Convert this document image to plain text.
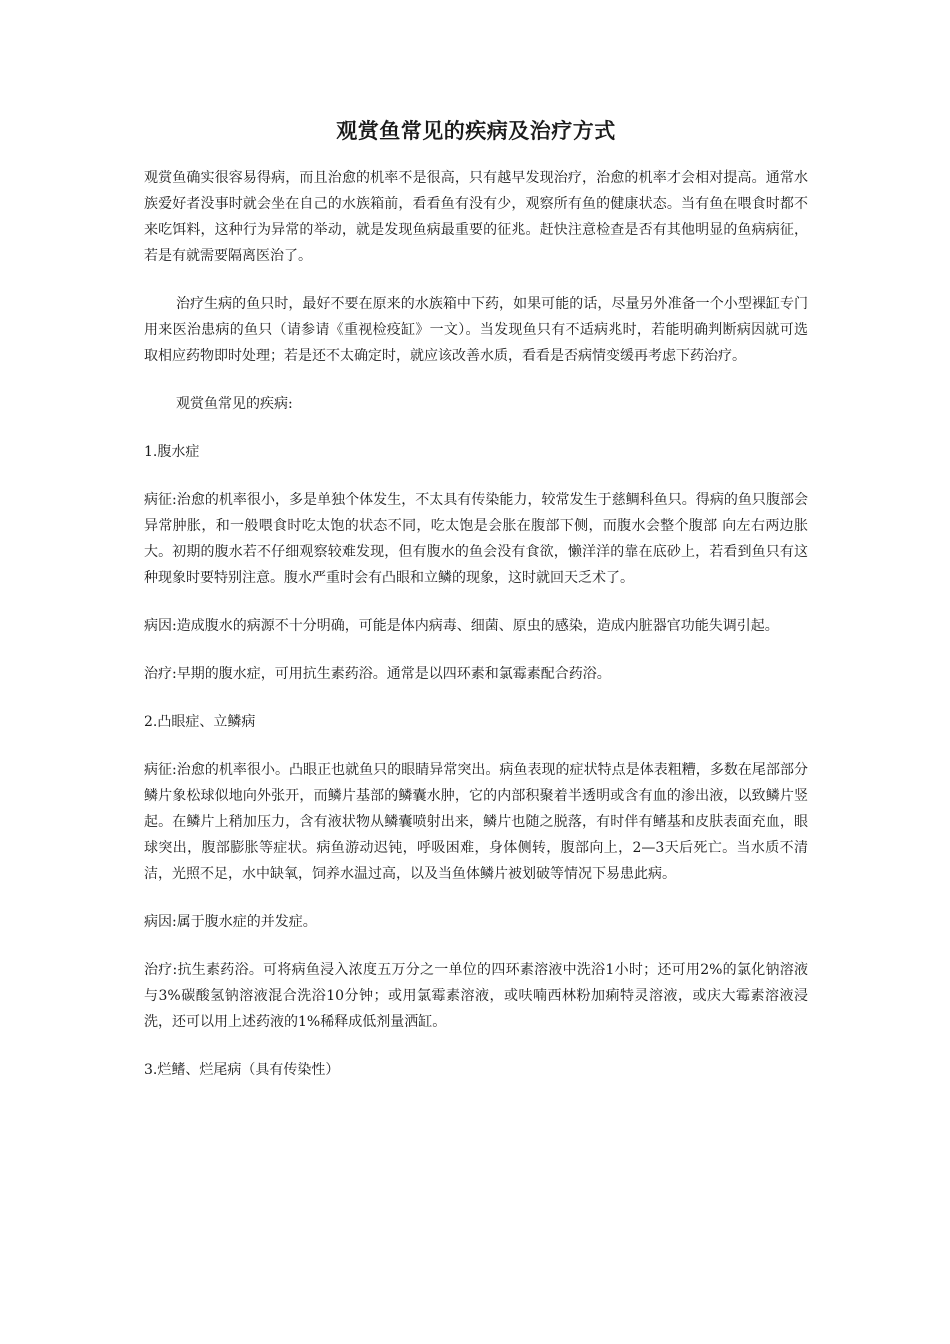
观赏鱼常见的疾病及治疗方式

观赏鱼确实很容易得病，而且治愈的机率不是很高，只有越早发现治疗，治愈的机率才会相对提高。通常水族爱好者没事时就会坐在自己的水族箱前，看看鱼有没有少，观察所有鱼的健康状态。当有鱼在喂食时都不来吃饵料，这种行为异常的举动，就是发现鱼病最重要的征兆。赶快注意检查是否有其他明显的鱼病病征，若是有就需要隔离医治了。

治疗生病的鱼只时，最好不要在原来的水族箱中下药，如果可能的话，尽量另外准备一个小型裸缸专门用来医治患病的鱼只（请参请《重视检疫缸》一文）。当发现鱼只有不适病兆时，若能明确判断病因就可选取相应药物即时处理；若是还不太确定时，就应该改善水质，看看是否病情变缓再考虑下药治疗。

观赏鱼常见的疾病:

1.腹水症

病征:治愈的机率很小，多是单独个体发生，不太具有传染能力，较常发生于慈鲷科鱼只。得病的鱼只腹部会异常肿胀，和一般喂食时吃太饱的状态不同，吃太饱是会胀在腹部下侧，而腹水会整个腹部 向左右两边胀大。初期的腹水若不仔细观察较难发现，但有腹水的鱼会没有食欲，懒洋洋的靠在底砂上，若看到鱼只有这种现象时要特别注意。腹水严重时会有凸眼和立鳞的现象，这时就回天乏术了。

病因:造成腹水的病源不十分明确，可能是体内病毒、细菌、原虫的感染，造成内脏器官功能失调引起。

治疗:早期的腹水症，可用抗生素药浴。通常是以四环素和氯霉素配合药浴。

2.凸眼症、立鳞病

病征:治愈的机率很小。凸眼正也就鱼只的眼睛异常突出。病鱼表现的症状特点是体表粗糟，多数在尾部部分鳞片象松球似地向外张开，而鳞片基部的鳞囊水肿，它的内部积聚着半透明或含有血的渗出液，以致鳞片竖起。在鳞片上稍加压力，含有液状物从鳞囊喷射出来，鳞片也随之脱落，有时伴有鳍基和皮肤表面充血，眼球突出，腹部膨胀等症状。病鱼游动迟钝，呼吸困难，身体侧转，腹部向上，2—3天后死亡。当水质不清洁，光照不足，水中缺氧，饲养水温过高，以及当鱼体鳞片被划破等情况下易患此病。

病因:属于腹水症的并发症。

治疗:抗生素药浴。可将病鱼浸入浓度五万分之一单位的四环素溶液中洗浴1小时；还可用2%的氯化钠溶液与3%碳酸氢钠溶液混合洗浴10分钟；或用氯霉素溶液，或呋喃西林粉加痢特灵溶液，或庆大霉素溶液浸洗，还可以用上述药液的1%稀释成低剂量洒缸。

3.烂鳍、烂尾病（具有传染性）
